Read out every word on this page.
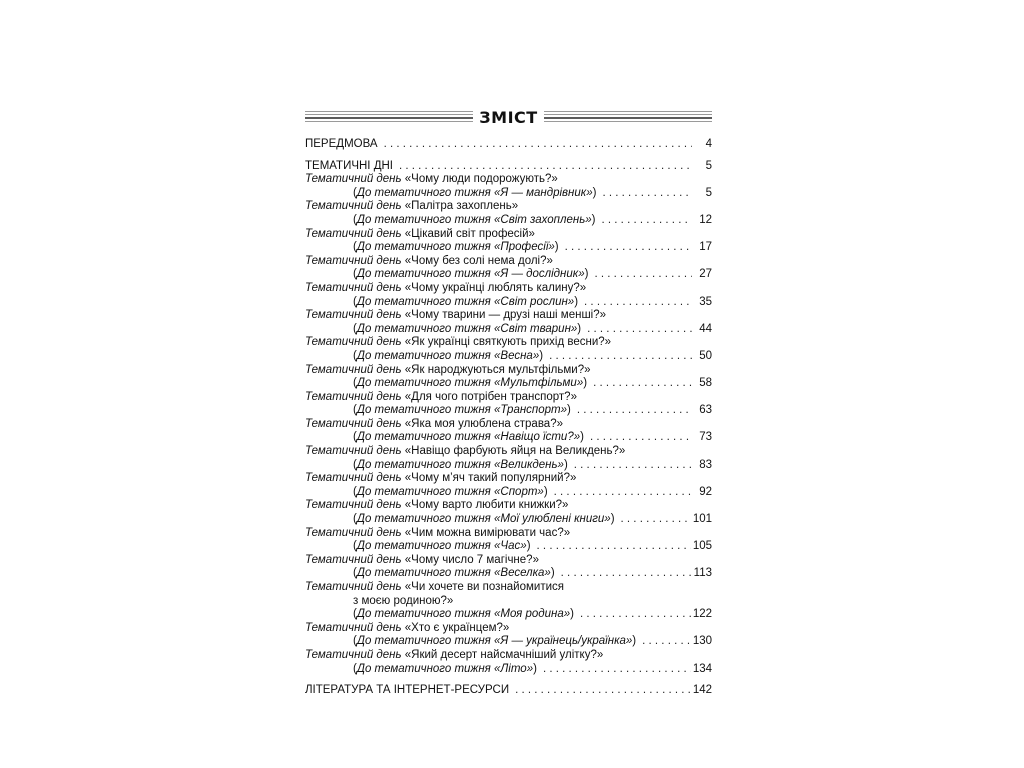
ЗМІСТ
ПЕРЕДМОВА . . .	4
ТЕМАТИЧНІ ДНІ . . .	5
Тематичний день «Чому люди подорожують?»
(До тематичного тижня «Я — мандрівник») . . .	5
Тематичний день «Палітра захоплень»
(До тематичного тижня «Світ захоплень») . . .	12
Тематичний день «Цікавий світ професій»
(До тематичного тижня «Професії») . . .	17
Тематичний день «Чому без солі нема долі?»
(До тематичного тижня «Я — дослідник») . . .	27
Тематичний день «Чому українці люблять калину?»
(До тематичного тижня «Світ рослин») . . .	35
Тематичний день «Чому тварини — друзі наші менші?»
(До тематичного тижня «Світ тварин») . . .	44
Тематичний день «Як українці святкують прихід весни?»
(До тематичного тижня «Весна») . . .	50
Тематичний день «Як народжуються мультфільми?»
(До тематичного тижня «Мультфільми») . . .	58
Тематичний день «Для чого потрібен транспорт?»
(До тематичного тижня «Транспорт») . . .	63
Тематичний день «Яка моя улюблена страва?»
(До тематичного тижня «Навіщо їсти?») . . .	73
Тематичний день «Навіщо фарбують яйця на Великдень?»
(До тематичного тижня «Великдень») . . .	83
Тематичний день «Чому м’яч такий популярний?»
(До тематичного тижня «Спорт») . . .	92
Тематичний день «Чому варто любити книжки?»
(До тематичного тижня «Мої улюблені книги») . . .	101
Тематичний день «Чим можна вимірювати час?»
(До тематичного тижня «Час») . . .	105
Тематичний день «Чому число 7 магічне?»
(До тематичного тижня «Веселка») . . .	113
Тематичний день «Чи хочете ви познайомитися
з моєю родиною?»
(До тематичного тижня «Моя родина») . . .	122
Тематичний день «Хто є українцем?»
(До тематичного тижня «Я — українець/українка») . . .	130
Тематичний день «Який десерт найсмачніший улітку?»
(До тематичного тижня «Літо») . . .	134
ЛІТЕРАТУРА ТА ІНТЕРНЕТ-РЕСУРСИ . . .	142
